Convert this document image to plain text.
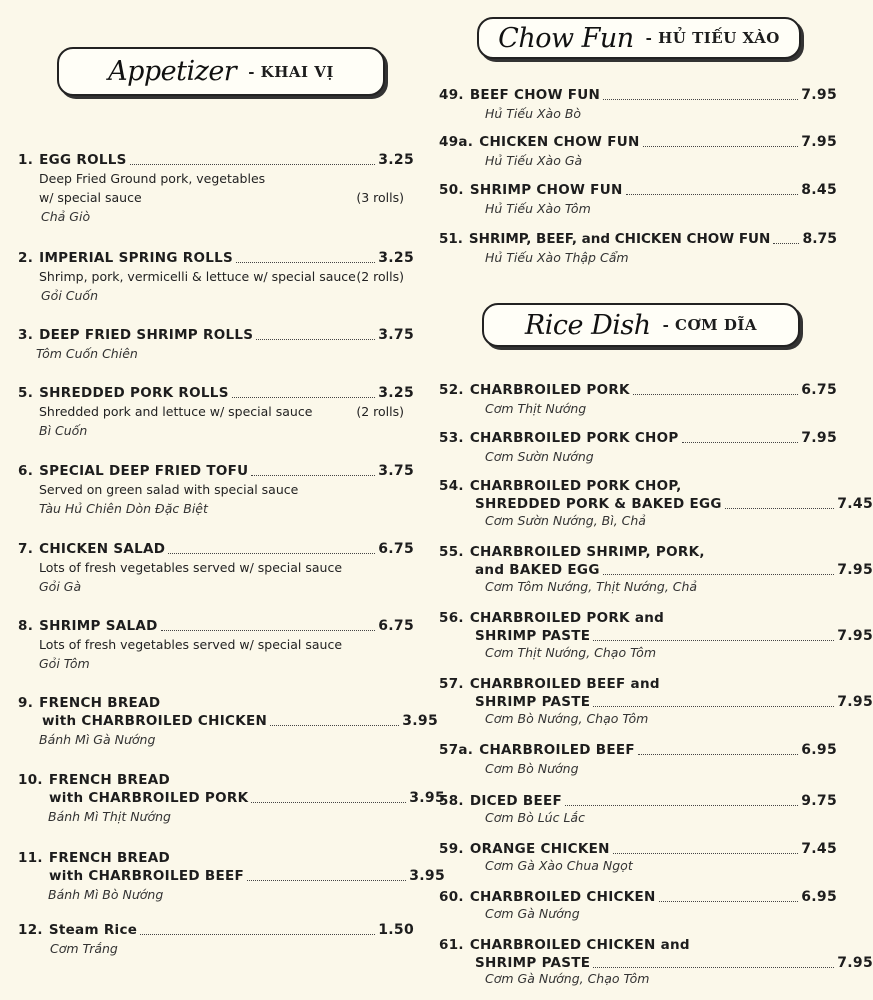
Appetizer - KHAI VỊ
1. EGG ROLLS	3.25
Deep Fried Ground pork, vegetables
w/ special sauce	(3 rolls)
Chả Giò
2. IMPERIAL SPRING ROLLS	3.25
Shrimp, pork, vermicelli & lettuce w/ special sauce (2 rolls)
Gỏi Cuốn
3. DEEP FRIED SHRIMP ROLLS	3.75
Tôm Cuốn Chiên
5. SHREDDED PORK ROLLS	3.25
Shredded pork and lettuce w/ special sauce	(2 rolls)
Bì Cuốn
6. SPECIAL DEEP FRIED TOFU	3.75
Served on green salad with special sauce
Tàu Hủ Chiên Dòn Đặc Biệt
7. CHICKEN SALAD	6.75
Lots of fresh vegetables served w/ special sauce
Gỏi Gà
8. SHRIMP SALAD	6.75
Lots of fresh vegetables served w/ special sauce
Gỏi Tôm
9. FRENCH BREAD
with CHARBROILED CHICKEN	3.95
Bánh Mì Gà Nướng
10. FRENCH BREAD
with CHARBROILED PORK	3.95
Bánh Mì Thịt Nướng
11. FRENCH BREAD
with CHARBROILED BEEF	3.95
Bánh Mì Bò Nướng
12. Steam Rice	1.50
Cơm Trắng
Chow Fun - HỦ TIẾU XÀO
49. BEEF CHOW FUN	7.95
Hủ Tiếu Xào Bò
49a. CHICKEN CHOW FUN	7.95
Hủ Tiếu Xào Gà
50. SHRIMP CHOW FUN	8.45
Hủ Tiếu Xào Tôm
51. SHRIMP, BEEF, and CHICKEN CHOW FUN 8.75
Hủ Tiếu Xào Thập Cẩm
Rice Dish - CƠM DĨA
52. CHARBROILED PORK	6.75
Cơm Thịt Nướng
53. CHARBROILED PORK CHOP	7.95
Cơm Sườn Nướng
54. CHARBROILED PORK CHOP,
SHREDDED PORK & BAKED EGG	7.45
Cơm Sườn Nướng, Bì, Chả
55. CHARBROILED SHRIMP, PORK,
and BAKED EGG	7.95
Cơm Tôm Nướng, Thịt Nướng, Chả
56. CHARBROILED PORK and
SHRIMP PASTE	7.95
Cơm Thịt Nướng, Chạo Tôm
57. CHARBROILED BEEF and
SHRIMP PASTE	7.95
Cơm Bò Nướng, Chạo Tôm
57a. CHARBROILED BEEF	6.95
Cơm Bò Nướng
58. DICED BEEF	9.75
Cơm Bò Lúc Lắc
59. ORANGE CHICKEN	7.45
Cơm Gà Xào Chua Ngọt
60. CHARBROILED CHICKEN	6.95
Cơm Gà Nướng
61. CHARBROILED CHICKEN and
SHRIMP PASTE	7.95
Cơm Gà Nướng, Chạo Tôm
